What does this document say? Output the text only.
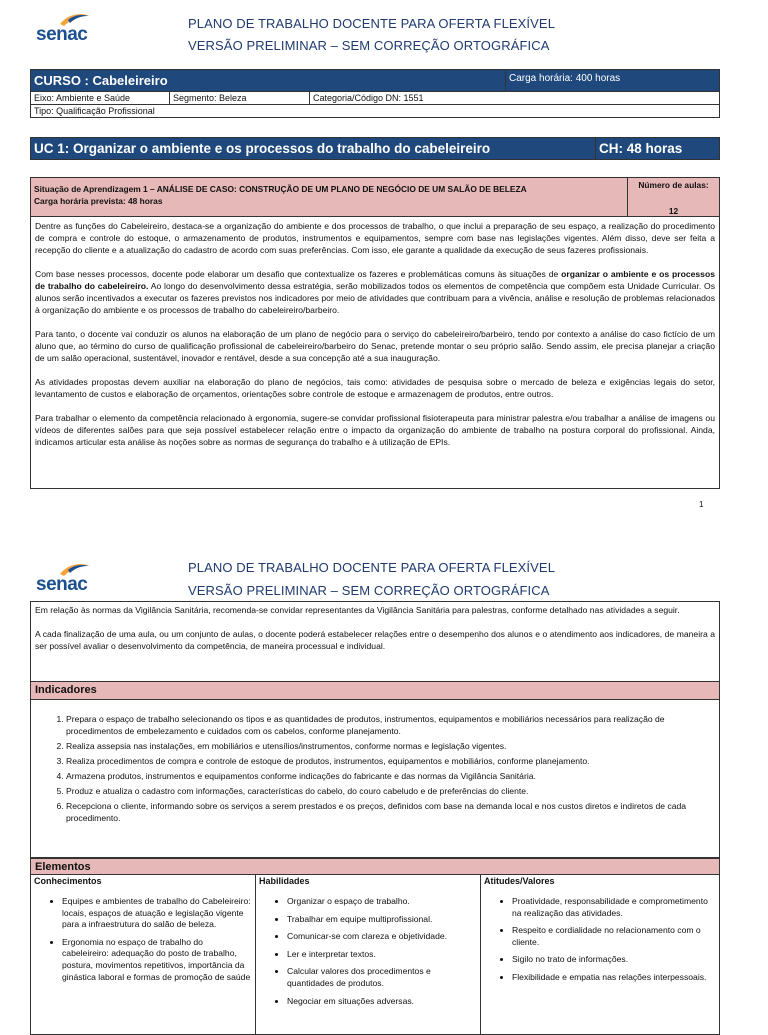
senac
PLANO DE TRABALHO DOCENTE PARA OFERTA FLEXÍVEL
VERSÃO PRELIMINAR – SEM CORREÇÃO ORTOGRÁFICA
CURSO : Cabeleireiro	Carga horária: 400 horas
Eixo: Ambiente e Saúde	Segmento: Beleza	Categoria/Código DN: 1551
Tipo: Qualificação Profissional
UC 1: Organizar o ambiente e os processos do trabalho do cabeleireiro	CH: 48 horas
Situação de Aprendizagem 1 – ANÁLISE DE CASO: CONSTRUÇÃO DE UM PLANO DE NEGÓCIO DE UM SALÃO DE BELEZA
Carga horária prevista: 48 horas
Número de aulas:
12

Dentre as funções do Cabeleireiro, destaca-se a organização do ambiente e dos processos de trabalho, o que inclui a preparação de seu espaço, a realização do procedimento de compra e controle do estoque, o armazenamento de produtos, instrumentos e equipamentos, sempre com base nas legislações vigentes. Além disso, deve ser feita a recepção do cliente e a atualização do cadastro de acordo com suas preferências. Com isso, ele garante a qualidade da execução de seus fazeres profissionais.

Com base nesses processos, docente pode elaborar um desafio que contextualize os fazeres e problemáticas comuns às situações de organizar o ambiente e os processos de trabalho do cabeleireiro. Ao longo do desenvolvimento dessa estratégia, serão mobilizados todos os elementos de competência que compõem esta Unidade Curricular. Os alunos serão incentivados a executar os fazeres previstos nos indicadores por meio de atividades que contribuam para a vivência, análise e resolução de problemas relacionados à organização do ambiente e os processos de trabalho do cabeleireiro/barbeiro.

Para tanto, o docente vai conduzir os alunos na elaboração de um plano de negócio para o serviço do cabeleireiro/barbeiro, tendo por contexto a análise do caso fictício de um aluno que, ao término do curso de qualificação profissional de cabeleireiro/barbeiro do Senac, pretende montar o seu próprio salão. Sendo assim, ele precisa planejar a criação de um salão operacional, sustentável, inovador e rentável, desde a sua concepção até a sua inauguração.

As atividades propostas devem auxiliar na elaboração do plano de negócios, tais como: atividades de pesquisa sobre o mercado de beleza e exigências legais do setor, levantamento de custos e elaboração de orçamentos, orientações sobre controle de estoque e armazenagem de produtos, entre outros.

Para trabalhar o elemento da competência relacionado à ergonomia, sugere-se convidar profissional fisioterapeuta para ministrar palestra e/ou trabalhar a análise de imagens ou vídeos de diferentes salões para que seja possível estabelecer relação entre o impacto da organização do ambiente de trabalho na postura corporal do profissional. Ainda, indicamos articular esta análise às noções sobre as normas de segurança do trabalho e à utilização de EPIs.

1
senac
PLANO DE TRABALHO DOCENTE PARA OFERTA FLEXÍVEL
VERSÃO PRELIMINAR – SEM CORREÇÃO ORTOGRÁFICA

Em relação às normas da Vigilância Sanitária, recomenda-se convidar representantes da Vigilância Sanitária para palestras, conforme detalhado nas atividades a seguir.

A cada finalização de uma aula, ou um conjunto de aulas, o docente poderá estabelecer relações entre o desempenho dos alunos e o atendimento aos indicadores, de maneira a ser possível avaliar o desenvolvimento da competência, de maneira processual e individual.

Indicadores
1. Prepara o espaço de trabalho selecionando os tipos e as quantidades de produtos, instrumentos, equipamentos e mobiliários necessários para realização de procedimentos de embelezamento e cuidados com os cabelos, conforme planejamento.
2. Realiza assepsia nas instalações, em mobiliários e utensílios/instrumentos, conforme normas e legislação vigentes.
3. Realiza procedimentos de compra e controle de estoque de produtos, instrumentos, equipamentos e mobiliários, conforme planejamento.
4. Armazena produtos, instrumentos e equipamentos conforme indicações do fabricante e das normas da Vigilância Sanitária.
5. Produz e atualiza o cadastro com informações, características do cabelo, do couro cabeludo e de preferências do cliente.
6. Recepciona o cliente, informando sobre os serviços a serem prestados e os preços, definidos com base na demanda local e nos custos diretos e indiretos de cada procedimento.
Elementos
Conhecimentos
• Equipes e ambientes de trabalho do Cabeleireiro: locais, espaços de atuação e legislação vigente para a infraestrutura do salão de beleza.
• Ergonomia no espaço de trabalho do cabeleireiro: adequação do posto de trabalho, postura, movimentos repetitivos, importância da ginástica laboral e formas de promoção de saúde
Habilidades
• Organizar o espaço de trabalho.
• Trabalhar em equipe multiprofissional.
• Comunicar-se com clareza e objetividade.
• Ler e interpretar textos.
• Calcular valores dos procedimentos e quantidades de produtos.
• Negociar em situações adversas.
Atitudes/Valores
• Proatividade, responsabilidade e comprometimento na realização das atividades.
• Respeito e cordialidade no relacionamento com o cliente.
• Sigilo no trato de informações.
• Flexibilidade e empatia nas relações interpessoais.
